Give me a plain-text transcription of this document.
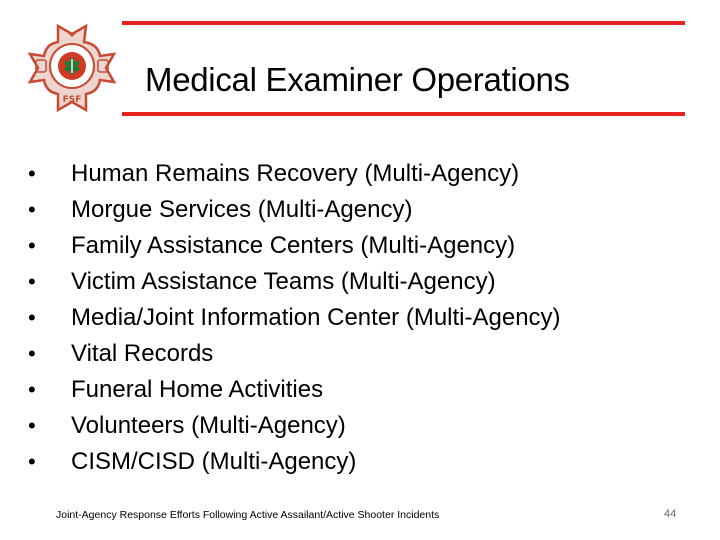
FSF
Medical Examiner Operations
• Human Remains Recovery (Multi-Agency)
• Morgue Services (Multi-Agency)
• Family Assistance Centers (Multi-Agency)
• Victim Assistance Teams (Multi-Agency)
• Media/Joint Information Center (Multi-Agency)
• Vital Records
• Funeral Home Activities
• Volunteers (Multi-Agency)
• CISM/CISD (Multi-Agency)
Joint-Agency Response Efforts Following Active Assailant/Active Shooter Incidents	44
